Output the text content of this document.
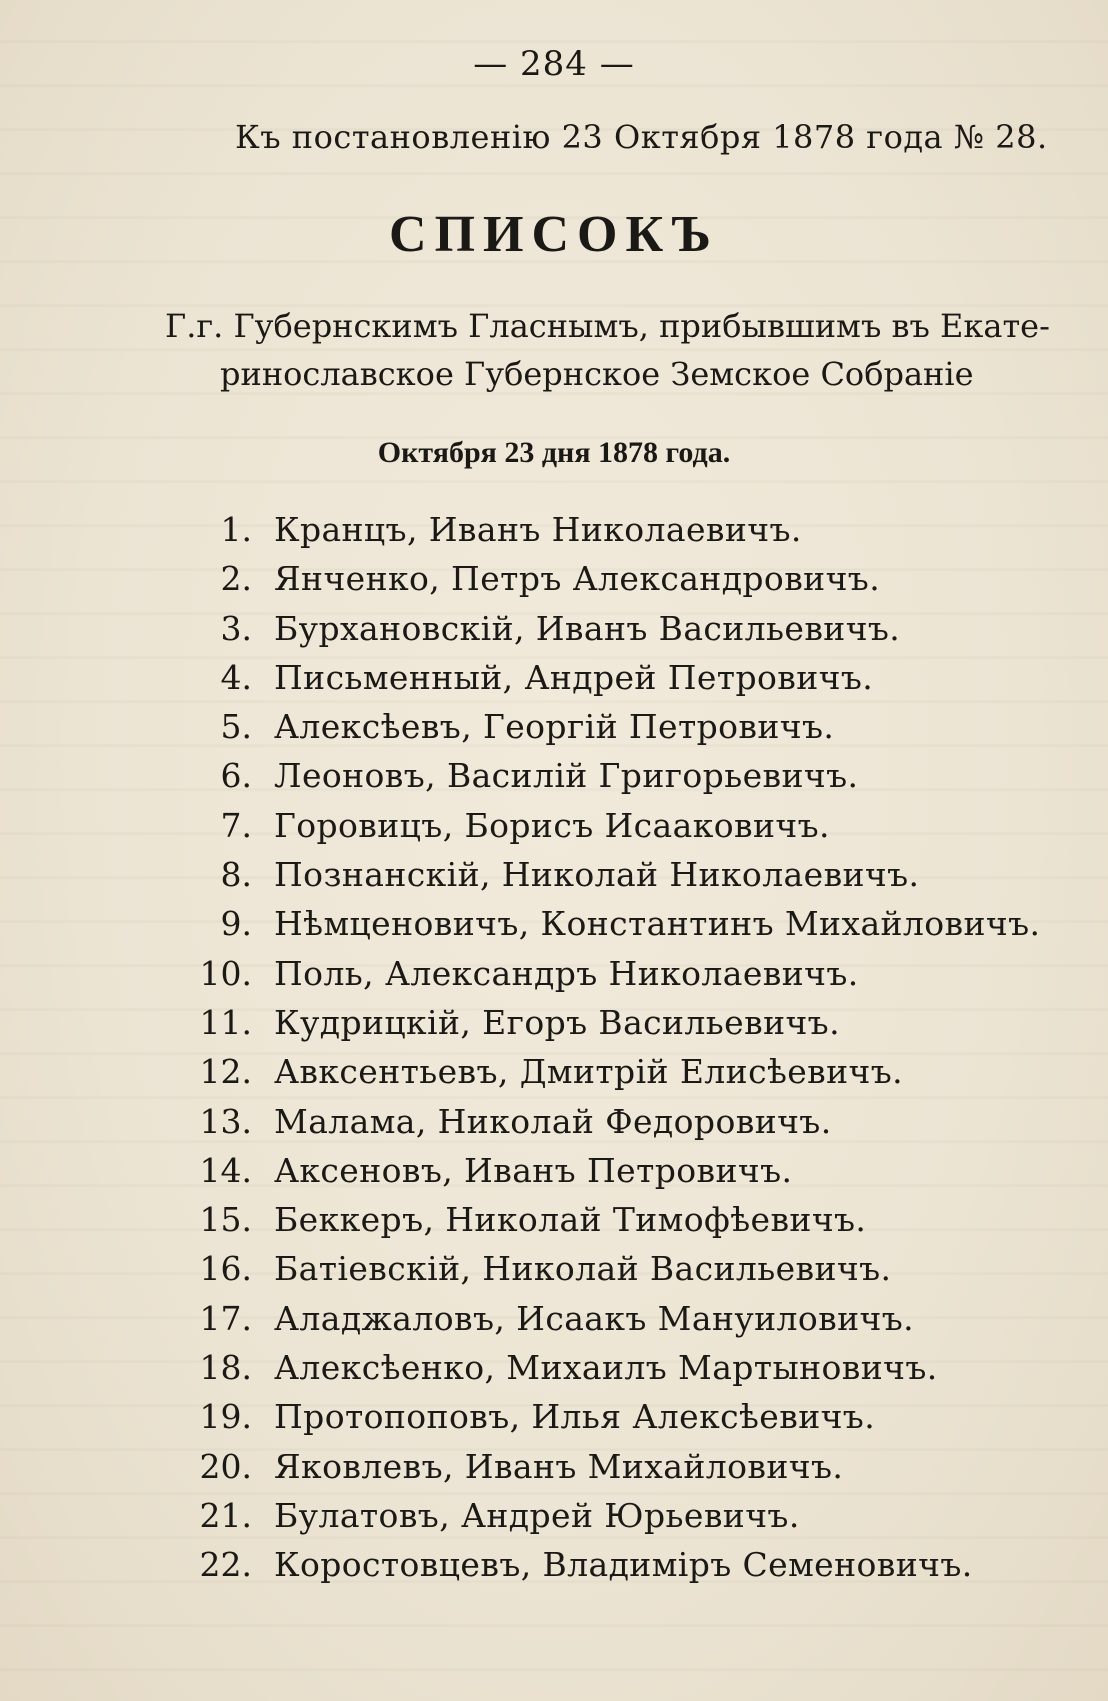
— 284 —
Къ постановленію 23 Октября 1878 года № 28.
СПИСОКЪ
Г.г. Губернскимъ Гласнымъ, прибывшимъ въ Екате-
ринославское Губернское Земское Собраніе
Октября 23 дня 1878 года.
1. Кранцъ, Иванъ Николаевичъ.
2. Янченко, Петръ Александровичъ.
3. Бурхановскій, Иванъ Васильевичъ.
4. Письменный, Андрей Петровичъ.
5. Алексѣевъ, Георгій Петровичъ.
6. Леоновъ, Василій Григорьевичъ.
7. Горовицъ, Борисъ Исааковичъ.
8. Познанскій, Николай Николаевичъ.
9. Нѣмценовичъ, Константинъ Михайловичъ.
10. Поль, Александръ Николаевичъ.
11. Кудрицкій, Егоръ Васильевичъ.
12. Авксентьевъ, Дмитрій Елисѣевичъ.
13. Малама, Николай Федоровичъ.
14. Аксеновъ, Иванъ Петровичъ.
15. Беккеръ, Николай Тимофѣевичъ.
16. Батіевскій, Николай Васильевичъ.
17. Аладжаловъ, Исаакъ Мануиловичъ.
18. Алексѣенко, Михаилъ Мартыновичъ.
19. Протопоповъ, Илья Алексѣевичъ.
20. Яковлевъ, Иванъ Михайловичъ.
21. Булатовъ, Андрей Юрьевичъ.
22. Коростовцевъ, Владиміръ Семеновичъ.
